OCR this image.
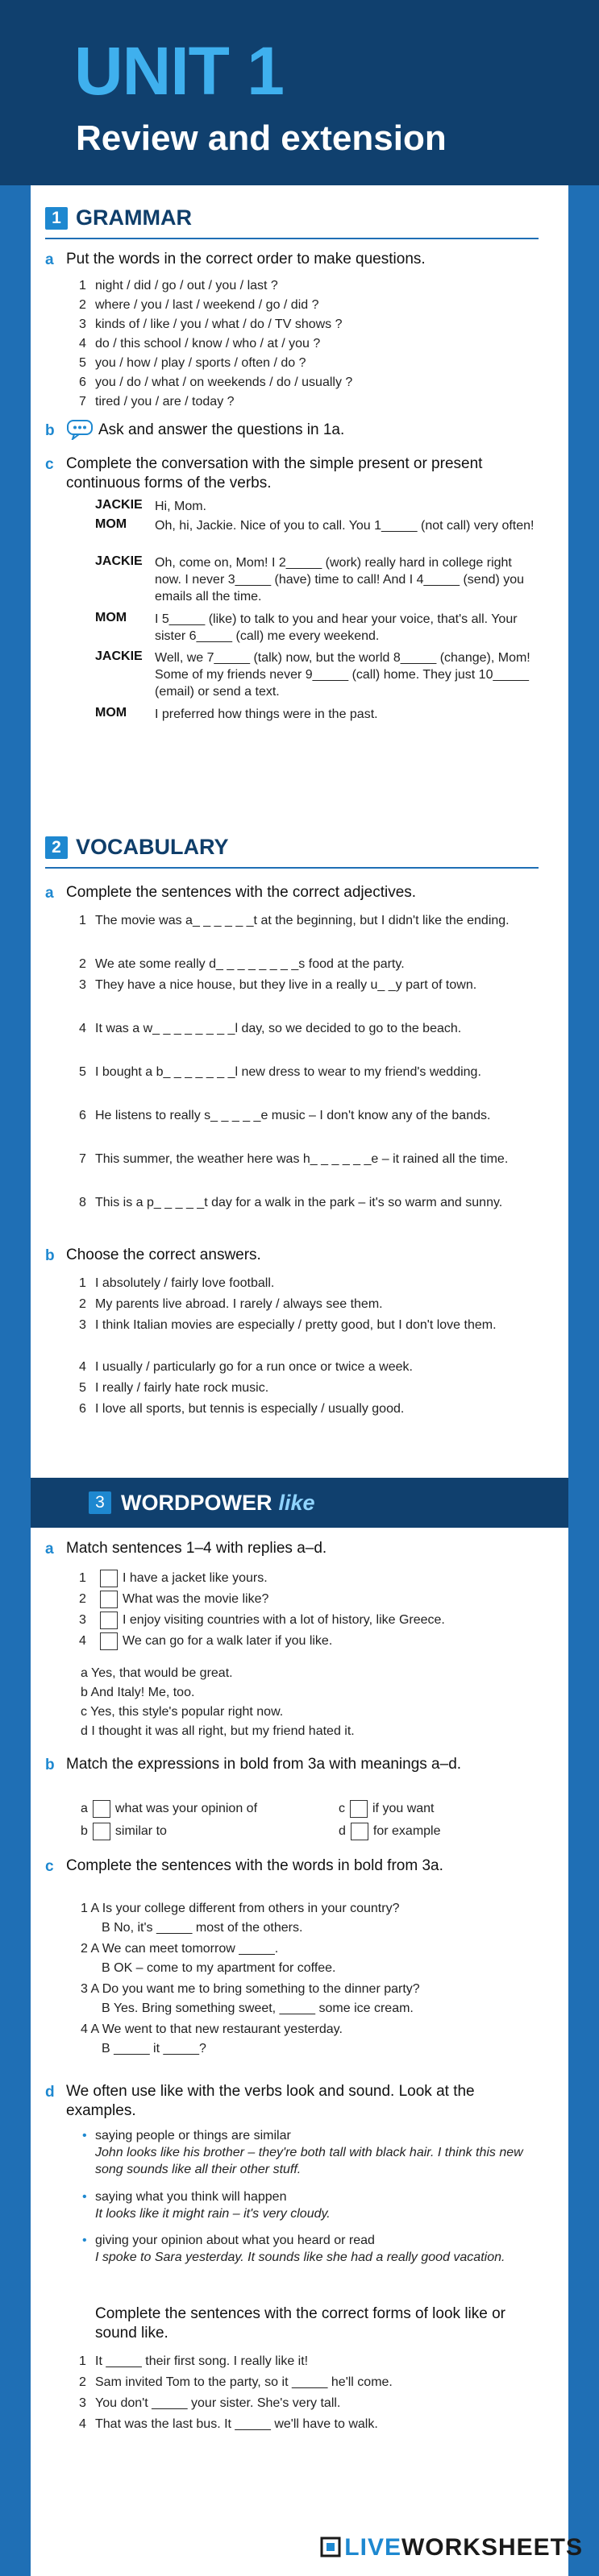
UNIT 1
Review and extension
1 GRAMMAR
a Put the words in the correct order to make questions.
1 night / did / go / out / you / last ?
2 where / you / last / weekend / go / did ?
3 kinds of / like / you / what / do / TV shows ?
4 do / this school / know / who / at / you ?
5 you / how / play / sports / often / do ?
6 you / do / what / on weekends / do / usually ?
7 tired / you / are / today ?
b	Ask and answer the questions in 1a.
c Complete the conversation with the simple present or present continuous forms of the verbs.
JACKIE Hi, Mom.
MOM Oh, hi, Jackie. Nice of you to call. You 1_____ (not call) very often!
JACKIE Oh, come on, Mom! I 2_____ (work) really hard in college right now. I never 3_____ (have) time to call! And I 4_____ (send) you emails all the time.
MOM I 5_____ (like) to talk to you and hear your voice, that's all. Your sister 6_____ (call) me every weekend.
JACKIE Well, we 7_____ (talk) now, but the world 8_____ (change), Mom! Some of my friends never 9_____ (call) home. They just 10_____ (email) or send a text.
MOM I preferred how things were in the past.
2 VOCABULARY
a Complete the sentences with the correct adjectives.
1 The movie was a_ _ _ _ _ _t at the beginning, but I didn't like the ending.
2 We ate some really d_ _ _ _ _ _ _ _s food at the party.
3 They have a nice house, but they live in a really u_ _y part of town.
4 It was a w_ _ _ _ _ _ _ _l day, so we decided to go to the beach.
5 I bought a b_ _ _ _ _ _ _l new dress to wear to my friend's wedding.
6 He listens to really s_ _ _ _ _e music – I don't know any of the bands.
7 This summer, the weather here was h_ _ _ _ _ _e – it rained all the time.
8 This is a p_ _ _ _ _t day for a walk in the park – it's so warm and sunny.
b Choose the correct answers.
1 I absolutely / fairly love football.
2 My parents live abroad. I rarely / always see them.
3 I think Italian movies are especially / pretty good, but I don't love them.
4 I usually / particularly go for a run once or twice a week.
5 I really / fairly hate rock music.
6 I love all sports, but tennis is especially / usually good.
3 WORDPOWER like
a Match sentences 1–4 with replies a–d.
1	I have a jacket like yours.
2	What was the movie like?
3	I enjoy visiting countries with a lot of history, like Greece.
4	We can go for a walk later if you like.
a Yes, that would be great.
b And Italy! Me, too.
c Yes, this style's popular right now.
d I thought it was all right, but my friend hated it.
b Match the expressions in bold from 3a with meanings a–d.
a what was your opinion of	c if you want
b similar to	d for example
c Complete the sentences with the words in bold from 3a.
1 A Is your college different from others in your country?
B No, it's _____ most of the others.
2 A We can meet tomorrow _____.
B OK – come to my apartment for coffee.
3 A Do you want me to bring something to the dinner party?
B Yes. Bring something sweet, _____ some ice cream.
4 A We went to that new restaurant yesterday.
B _____ it _____?
d We often use like with the verbs look and sound. Look at the examples.
• saying people or things are similar
John looks like his brother – they're both tall with black hair. I think this new song sounds like all their other stuff.
• saying what you think will happen
It looks like it might rain – it's very cloudy.
• giving your opinion about what you heard or read
I spoke to Sara yesterday. It sounds like she had a really good vacation.
Complete the sentences with the correct forms of look like or sound like.
1 It _____ their first song. I really like it!
2 Sam invited Tom to the party, so it _____ he'll come.
3 You don't _____ your sister. She's very tall.
4 That was the last bus. It _____ we'll have to walk.
LIVEWORKSHEETS
